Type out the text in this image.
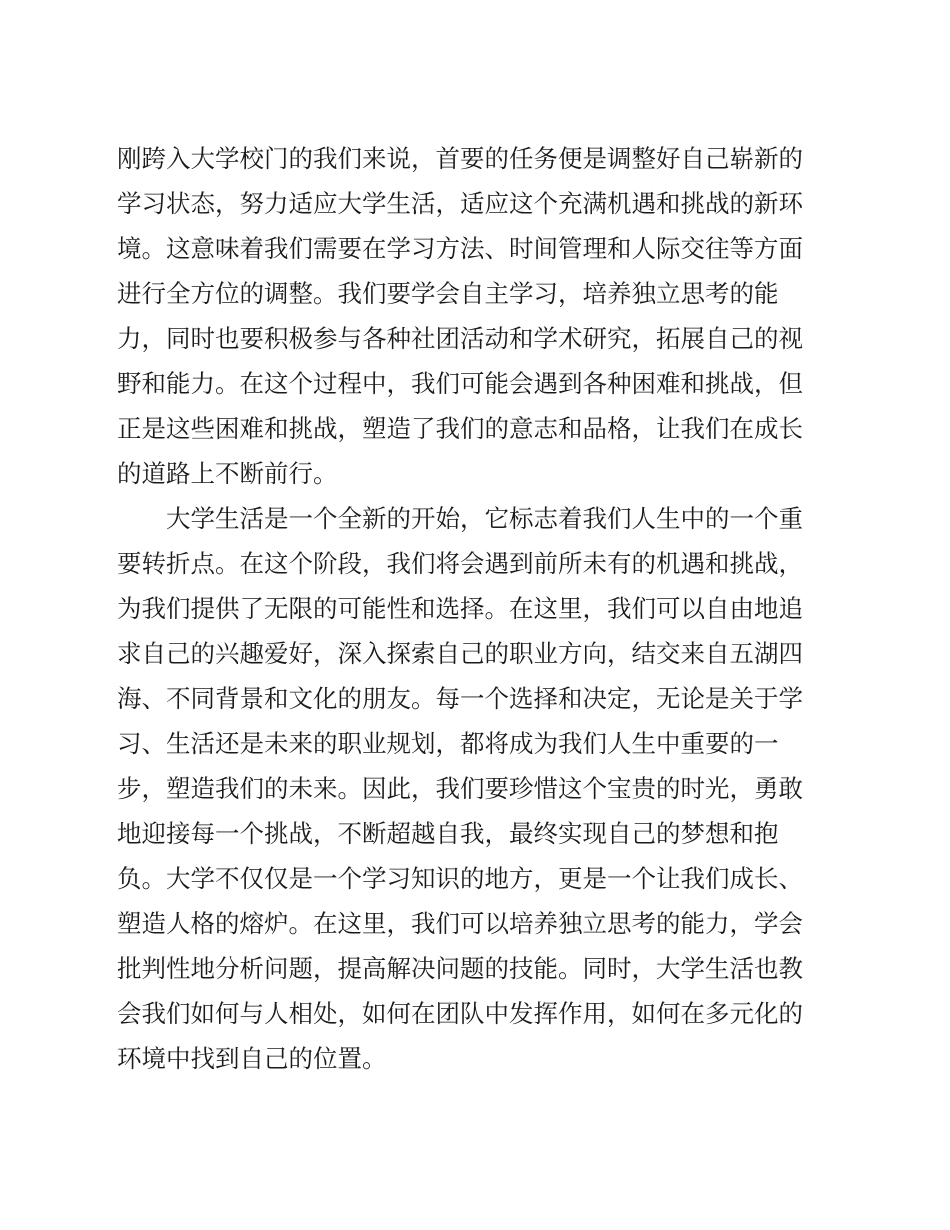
刚跨入大学校门的我们来说，首要的任务便是调整好自己崭新的
学习状态，努力适应大学生活，适应这个充满机遇和挑战的新环
境。这意味着我们需要在学习方法、时间管理和人际交往等方面
进行全方位的调整。我们要学会自主学习，培养独立思考的能
力，同时也要积极参与各种社团活动和学术研究，拓展自己的视
野和能力。在这个过程中，我们可能会遇到各种困难和挑战，但
正是这些困难和挑战，塑造了我们的意志和品格，让我们在成长
的道路上不断前行。

大学生活是一个全新的开始，它标志着我们人生中的一个重
要转折点。在这个阶段，我们将会遇到前所未有的机遇和挑战，
为我们提供了无限的可能性和选择。在这里，我们可以自由地追
求自己的兴趣爱好，深入探索自己的职业方向，结交来自五湖四
海、不同背景和文化的朋友。每一个选择和决定，无论是关于学
习、生活还是未来的职业规划，都将成为我们人生中重要的一
步，塑造我们的未来。因此，我们要珍惜这个宝贵的时光，勇敢
地迎接每一个挑战，不断超越自我，最终实现自己的梦想和抱
负。大学不仅仅是一个学习知识的地方，更是一个让我们成长、
塑造人格的熔炉。在这里，我们可以培养独立思考的能力，学会
批判性地分析问题，提高解决问题的技能。同时，大学生活也教
会我们如何与人相处，如何在团队中发挥作用，如何在多元化的
环境中找到自己的位置。
